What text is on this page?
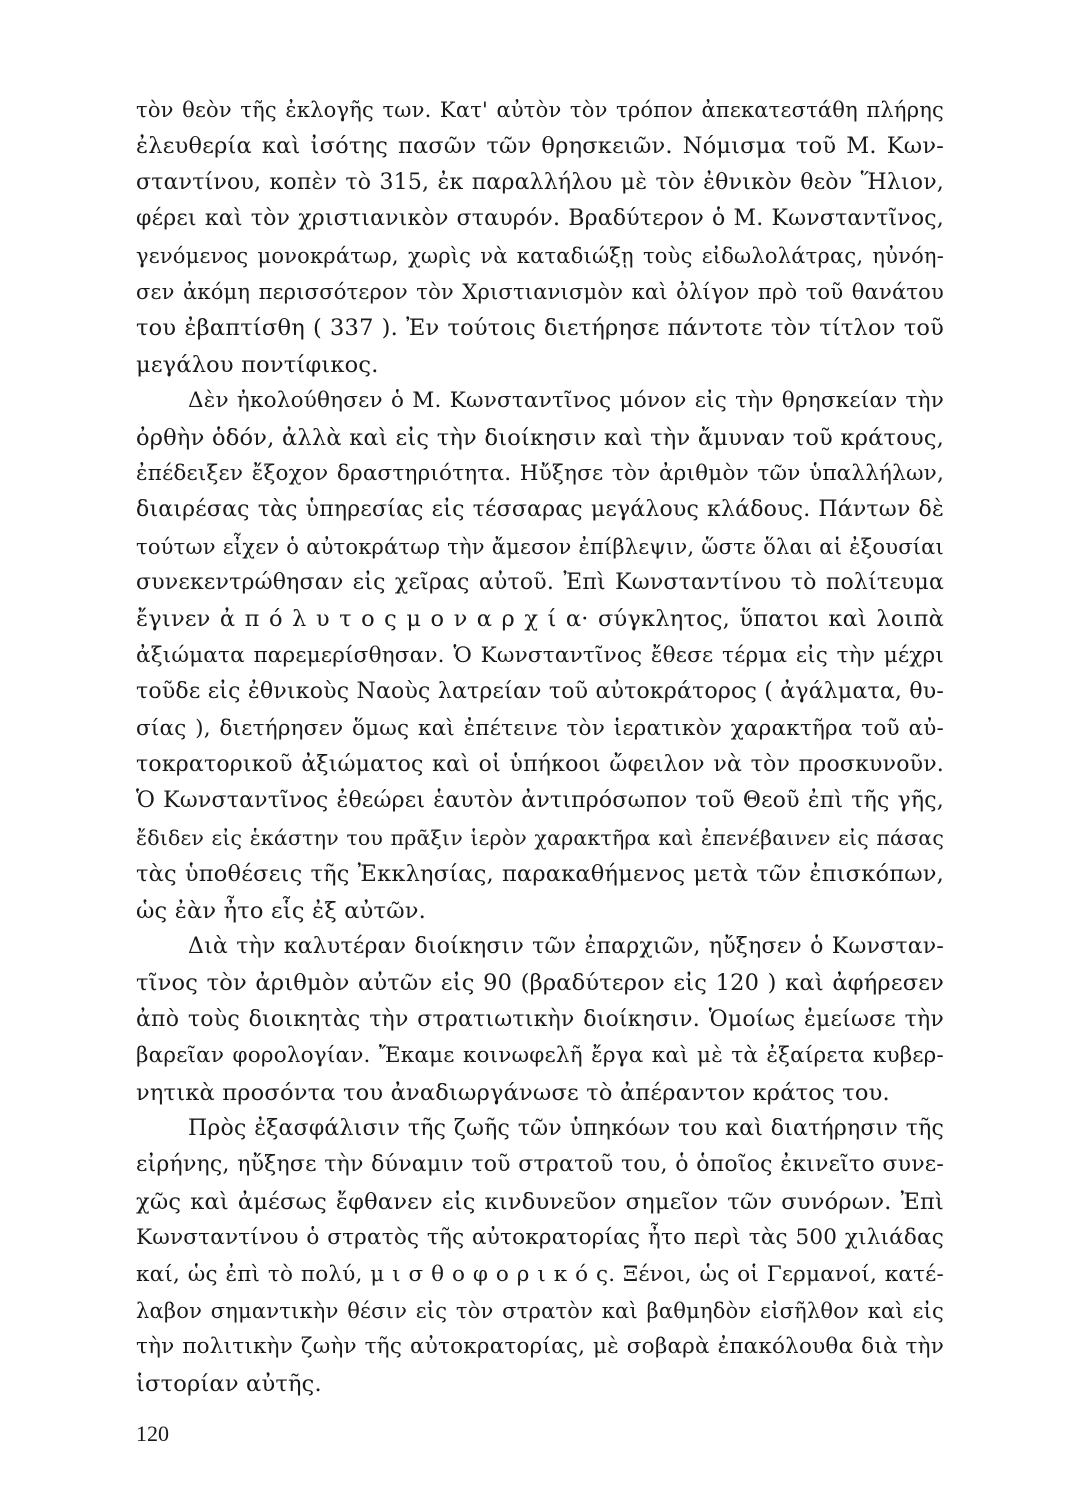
τὸν θεὸν τῆς ἐκλογῆς των. Κατ' αὐτὸν τὸν τρόπον ἀπεκατεστάθη πλήρης
ἐλευθερία καὶ ἰσότης πασῶν τῶν θρησκειῶν. Νόμισμα τοῦ Μ. Κων-
σταντίνου, κοπὲν τὸ 315, ἐκ παραλλήλου μὲ τὸν ἐθνικὸν θεὸν Ἥλιον,
φέρει καὶ τὸν χριστιανικὸν σταυρόν. Βραδύτερον ὁ Μ. Κωνσταντῖνος,
γενόμενος μονοκράτωρ, χωρὶς νὰ καταδιώξῃ τοὺς εἰδωλολάτρας, ηὐνόη-
σεν ἀκόμη περισσότερον τὸν Χριστιανισμὸν καὶ ὀλίγον πρὸ τοῦ θανάτου
του ἐβαπτίσθη ( 337 ). Ἐν τούτοις διετήρησε πάντοτε τὸν τίτλον τοῦ
μεγάλου ποντίφικος.
Δὲν ἠκολούθησεν ὁ Μ. Κωνσταντῖνος μόνον εἰς τὴν θρησκείαν τὴν
ὀρθὴν ὁδόν, ἀλλὰ καὶ εἰς τὴν διοίκησιν καὶ τὴν ἄμυναν τοῦ κράτους,
ἐπέδειξεν ἔξοχον δραστηριότητα. Ηὔξησε τὸν ἀριθμὸν τῶν ὑπαλλήλων,
διαιρέσας τὰς ὑπηρεσίας εἰς τέσσαρας μεγάλους κλάδους. Πάντων δὲ
τούτων εἶχεν ὁ αὐτοκράτωρ τὴν ἄμεσον ἐπίβλεψιν, ὥστε ὅλαι αἱ ἐξουσίαι
συνεκεντρώθησαν εἰς χεῖρας αὐτοῦ. Ἐπὶ Κωνσταντίνου τὸ πολίτευμα
ἔγινεν ἀ π ό λ υ τ ο ς μ ο ν α ρ χ ί α· σύγκλητος, ὕπατοι καὶ λοιπὰ
ἀξιώματα παρεμερίσθησαν. Ὁ Κωνσταντῖνος ἔθεσε τέρμα εἰς τὴν μέχρι
τοῦδε εἰς ἐθνικοὺς Ναοὺς λατρείαν τοῦ αὐτοκράτορος ( ἀγάλματα, θυ-
σίας ), διετήρησεν ὅμως καὶ ἐπέτεινε τὸν ἱερατικὸν χαρακτῆρα τοῦ αὐ-
τοκρατορικοῦ ἀξιώματος καὶ οἱ ὑπήκοοι ὤφειλον νὰ τὸν προσκυνοῦν.
Ὁ Κωνσταντῖνος ἐθεώρει ἑαυτὸν ἀντιπρόσωπον τοῦ Θεοῦ ἐπὶ τῆς γῆς,
ἔδιδεν εἰς ἑκάστην του πρᾶξιν ἱερὸν χαρακτῆρα καὶ ἐπενέβαινεν εἰς πάσας
τὰς ὑποθέσεις τῆς Ἐκκλησίας, παρακαθήμενος μετὰ τῶν ἐπισκόπων,
ὡς ἐὰν ἦτο εἷς ἐξ αὐτῶν.
Διὰ τὴν καλυτέραν διοίκησιν τῶν ἐπαρχιῶν, ηὔξησεν ὁ Κωνσταν-
τῖνος τὸν ἀριθμὸν αὐτῶν εἰς 90 (βραδύτερον εἰς 120 ) καὶ ἀφήρεσεν
ἀπὸ τοὺς διοικητὰς τὴν στρατιωτικὴν διοίκησιν. Ὁμοίως ἐμείωσε τὴν
βαρεῖαν φορολογίαν. Ἔκαμε κοινωφελῆ ἔργα καὶ μὲ τὰ ἐξαίρετα κυβερ-
νητικὰ προσόντα του ἀναδιωργάνωσε τὸ ἀπέραντον κράτος του.
Πρὸς ἐξασφάλισιν τῆς ζωῆς τῶν ὑπηκόων του καὶ διατήρησιν τῆς
εἰρήνης, ηὔξησε τὴν δύναμιν τοῦ στρατοῦ του, ὁ ὁποῖος ἐκινεῖτο συνε-
χῶς καὶ ἀμέσως ἔφθανεν εἰς κινδυνεῦον σημεῖον τῶν συνόρων. Ἐπὶ
Κωνσταντίνου ὁ στρατὸς τῆς αὐτοκρατορίας ἦτο περὶ τὰς 500 χιλιάδας
καί, ὡς ἐπὶ τὸ πολύ, μ ι σ θ ο φ ο ρ ι κ ό ς. Ξένοι, ὡς οἱ Γερμανοί, κατέ-
λαβον σημαντικὴν θέσιν εἰς τὸν στρατὸν καὶ βαθμηδὸν εἰσῆλθον καὶ εἰς
τὴν πολιτικὴν ζωὴν τῆς αὐτοκρατορίας, μὲ σοβαρὰ ἐπακόλουθα διὰ τὴν
ἱστορίαν αὐτῆς.
120
